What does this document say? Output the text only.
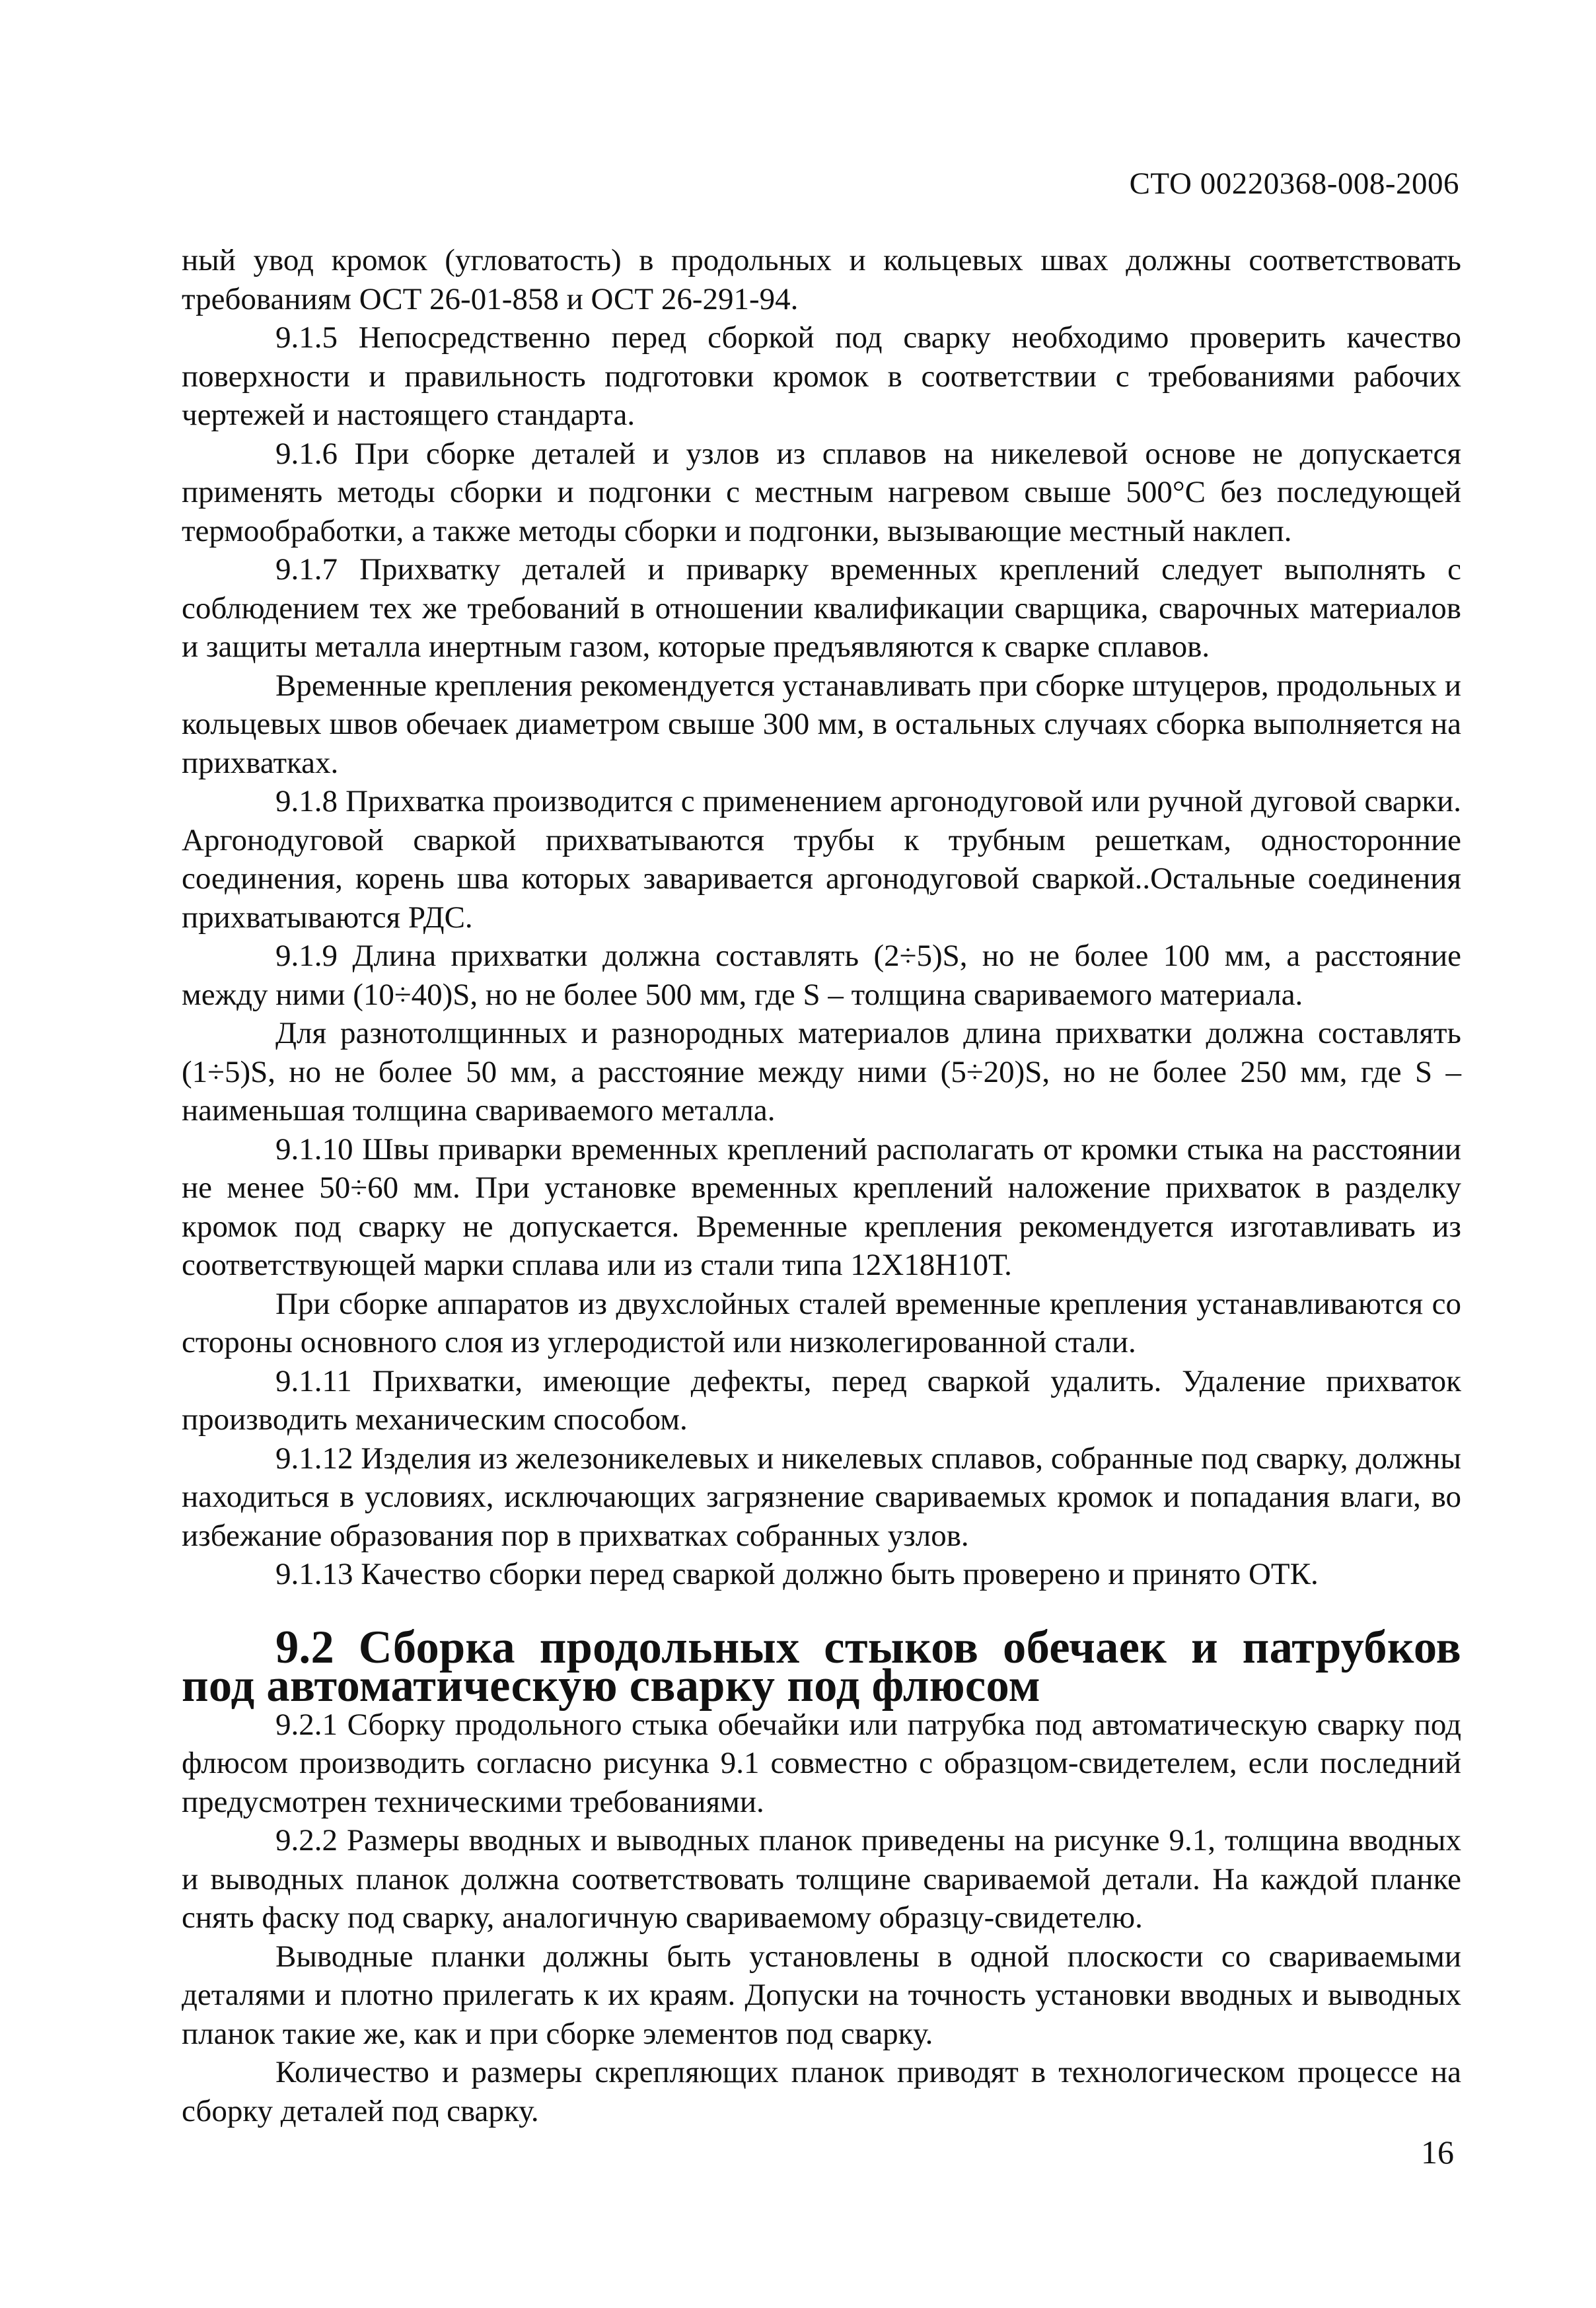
СТО 00220368-008-2006

ный увод кромок (угловатость) в продольных и кольцевых швах должны соответствовать требованиям ОСТ 26-01-858 и ОСТ 26-291-94.

9.1.5 Непосредственно перед сборкой под сварку необходимо проверить качество поверхности и правильность подготовки кромок в соответствии с требованиями рабочих чертежей и настоящего стандарта.

9.1.6 При сборке деталей и узлов из сплавов на никелевой основе не допускается применять методы сборки и подгонки с местным нагревом свыше 500°С без последующей термообработки, а также методы сборки и подгонки, вызывающие местный наклеп.

9.1.7 Прихватку деталей и приварку временных креплений следует выполнять с соблюдением тех же требований в отношении квалификации сварщика, сварочных материалов и защиты металла инертным газом, которые предъявляются к сварке сплавов.

Временные крепления рекомендуется устанавливать при сборке штуцеров, продольных и кольцевых швов обечаек диаметром свыше 300 мм, в остальных случаях сборка выполняется на прихватках.

9.1.8 Прихватка производится с применением аргонодуговой или ручной дуговой сварки. Аргонодуговой сваркой прихватываются трубы к трубным решеткам, односторонние соединения, корень шва которых заваривается аргонодуговой сваркой..Остальные соединения прихватываются РДС.

9.1.9 Длина прихватки должна составлять (2÷5)S, но не более 100 мм, а расстояние между ними (10÷40)S, но не более 500 мм, где S – толщина свариваемого материала.

Для разнотолщинных и разнородных материалов длина прихватки должна составлять (1÷5)S, но не более 50 мм, а расстояние между ними (5÷20)S, но не более 250 мм, где S – наименьшая толщина свариваемого металла.

9.1.10 Швы приварки временных креплений располагать от кромки стыка на расстоянии не менее 50÷60 мм. При установке временных креплений наложение прихваток в разделку кромок под сварку не допускается. Временные крепления рекомендуется изготавливать из соответствующей марки сплава или из стали типа 12Х18Н10Т.

При сборке аппаратов из двухслойных сталей временные крепления устанавливаются со стороны основного слоя из углеродистой или низколегированной стали.

9.1.11 Прихватки, имеющие дефекты, перед сваркой удалить. Удаление прихваток производить механическим способом.

9.1.12 Изделия из железоникелевых и никелевых сплавов, собранные под сварку, должны находиться в условиях, исключающих загрязнение свариваемых кромок и попадания влаги, во избежание образования пор в прихватках собранных узлов.

9.1.13 Качество сборки перед сваркой должно быть проверено и принято ОТК.

9.2 Сборка продольных стыков обечаек и патрубков под автоматическую сварку под флюсом

9.2.1 Сборку продольного стыка обечайки или патрубка под автоматическую сварку под флюсом производить согласно рисунка 9.1 совместно с образцом-свидетелем, если последний предусмотрен техническими требованиями.

9.2.2 Размеры вводных и выводных планок приведены на рисунке 9.1, толщина вводных и выводных планок должна соответствовать толщине свариваемой детали. На каждой планке снять фаску под сварку, аналогичную свариваемому образцу-свидетелю.

Выводные планки должны быть установлены в одной плоскости со свариваемыми деталями и плотно прилегать к их краям. Допуски на точность установки вводных и выводных планок такие же, как и при сборке элементов под сварку.

Количество и размеры скрепляющих планок приводят в технологическом процессе на сборку деталей под сварку.

16
